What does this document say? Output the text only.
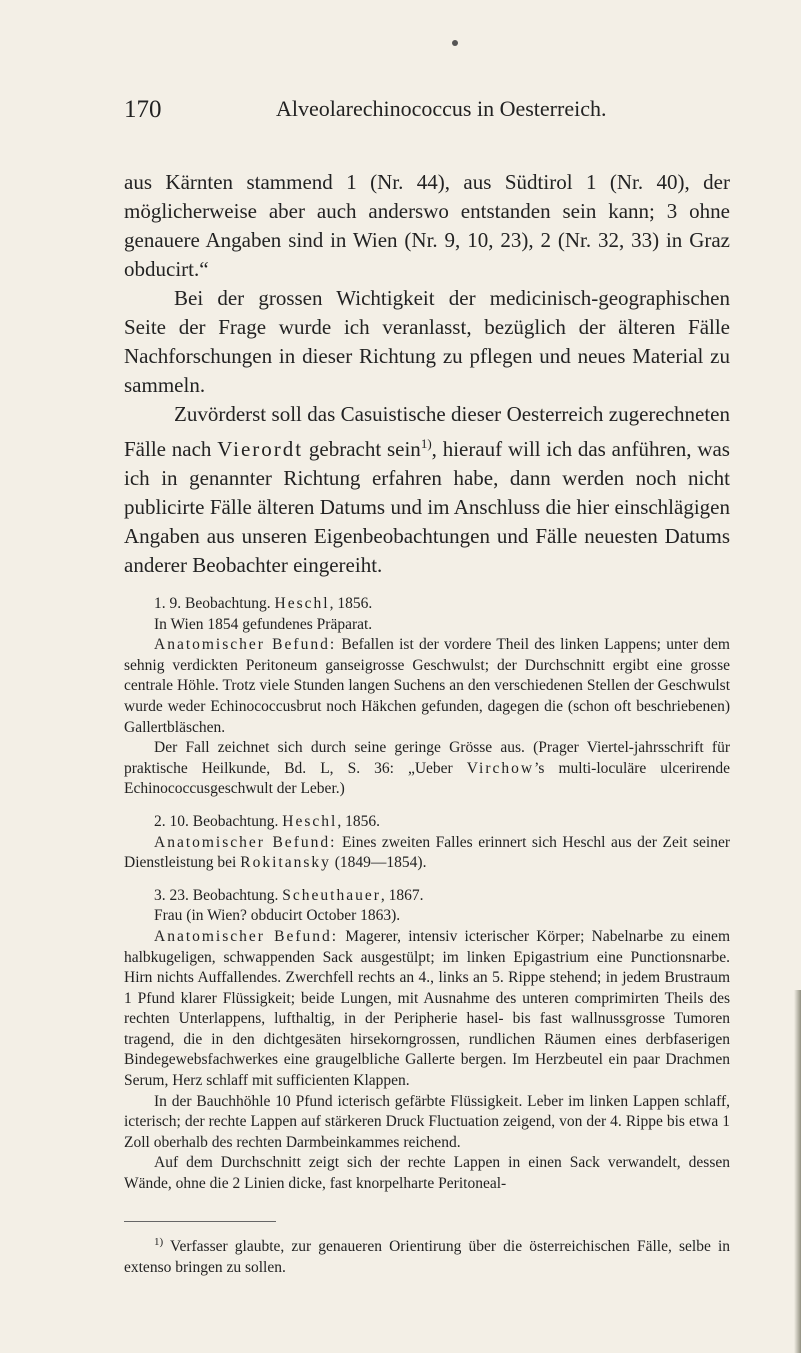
170	Alveolarechinococcus in Oesterreich.

aus Kärnten stammend 1 (Nr. 44), aus Südtirol 1 (Nr. 40), der möglicherweise aber auch anderswo entstanden sein kann; 3 ohne genauere Angaben sind in Wien (Nr. 9, 10, 23), 2 (Nr. 32, 33) in Graz obducirt.“

Bei der grossen Wichtigkeit der medicinisch-geographischen Seite der Frage wurde ich veranlasst, bezüglich der älteren Fälle Nachforschungen in dieser Richtung zu pflegen und neues Material zu sammeln.

Zuvörderst soll das Casuistische dieser Oesterreich zugerechneten Fälle nach Vierordt gebracht sein$^{1)}$, hierauf will ich das anführen, was ich in genannter Richtung erfahren habe, dann werden noch nicht publicirte Fälle älteren Datums und im Anschluss die hier einschlägigen Angaben aus unseren Eigenbeobachtungen und Fälle neuesten Datums anderer Beobachter eingereiht.

1. 9. Beobachtung. Heschl, 1856.

In Wien 1854 gefundenes Präparat.

Anatomischer Befund: Befallen ist der vordere Theil des linken Lappens; unter dem sehnig verdickten Peritoneum ganseigrosse Geschwulst; der Durchschnitt ergibt eine grosse centrale Höhle. Trotz viele Stunden langen Suchens an den verschiedenen Stellen der Geschwulst wurde weder Echinococcusbrut noch Häkchen gefunden, dagegen die (schon oft beschriebenen) Gallertbläschen.

Der Fall zeichnet sich durch seine geringe Grösse aus. (Prager Viertel-jahrsschrift für praktische Heilkunde, Bd. L, S. 36: „Ueber Virchow’s multi-loculäre ulcerirende Echinococcusgeschwult der Leber.)

2. 10. Beobachtung. Heschl, 1856.

Anatomischer Befund: Eines zweiten Falles erinnert sich Heschl aus der Zeit seiner Dienstleistung bei Rokitansky (1849—1854).

3. 23. Beobachtung. Scheuthauer, 1867.

Frau (in Wien? obducirt October 1863).

Anatomischer Befund: Magerer, intensiv icterischer Körper; Nabelnarbe zu einem halbkugeligen, schwappenden Sack ausgestülpt; im linken Epigastrium eine Punctionsnarbe. Hirn nichts Auffallendes. Zwerchfell rechts an 4., links an 5. Rippe stehend; in jedem Brustraum 1 Pfund klarer Flüssigkeit; beide Lungen, mit Ausnahme des unteren comprimirten Theils des rechten Unterlappens, lufthaltig, in der Peripherie hasel- bis fast wallnussgrosse Tumoren tragend, die in den dichtgesäten hirsekorngrossen, rundlichen Räumen eines derbfaserigen Bindegewebsfachwerkes eine graugelbliche Gallerte bergen. Im Herzbeutel ein paar Drachmen Serum, Herz schlaff mit sufficienten Klappen.

In der Bauchhöhle 10 Pfund icterisch gefärbte Flüssigkeit. Leber im linken Lappen schlaff, icterisch; der rechte Lappen auf stärkeren Druck Fluctuation zeigend, von der 4. Rippe bis etwa 1 Zoll oberhalb des rechten Darmbeinkammes reichend.

Auf dem Durchschnitt zeigt sich der rechte Lappen in einen Sack verwandelt, dessen Wände, ohne die 2 Linien dicke, fast knorpelharte Peritoneal-

$^{1)}$ Verfasser glaubte, zur genaueren Orientirung über die österreichischen Fälle, selbe in extenso bringen zu sollen.
